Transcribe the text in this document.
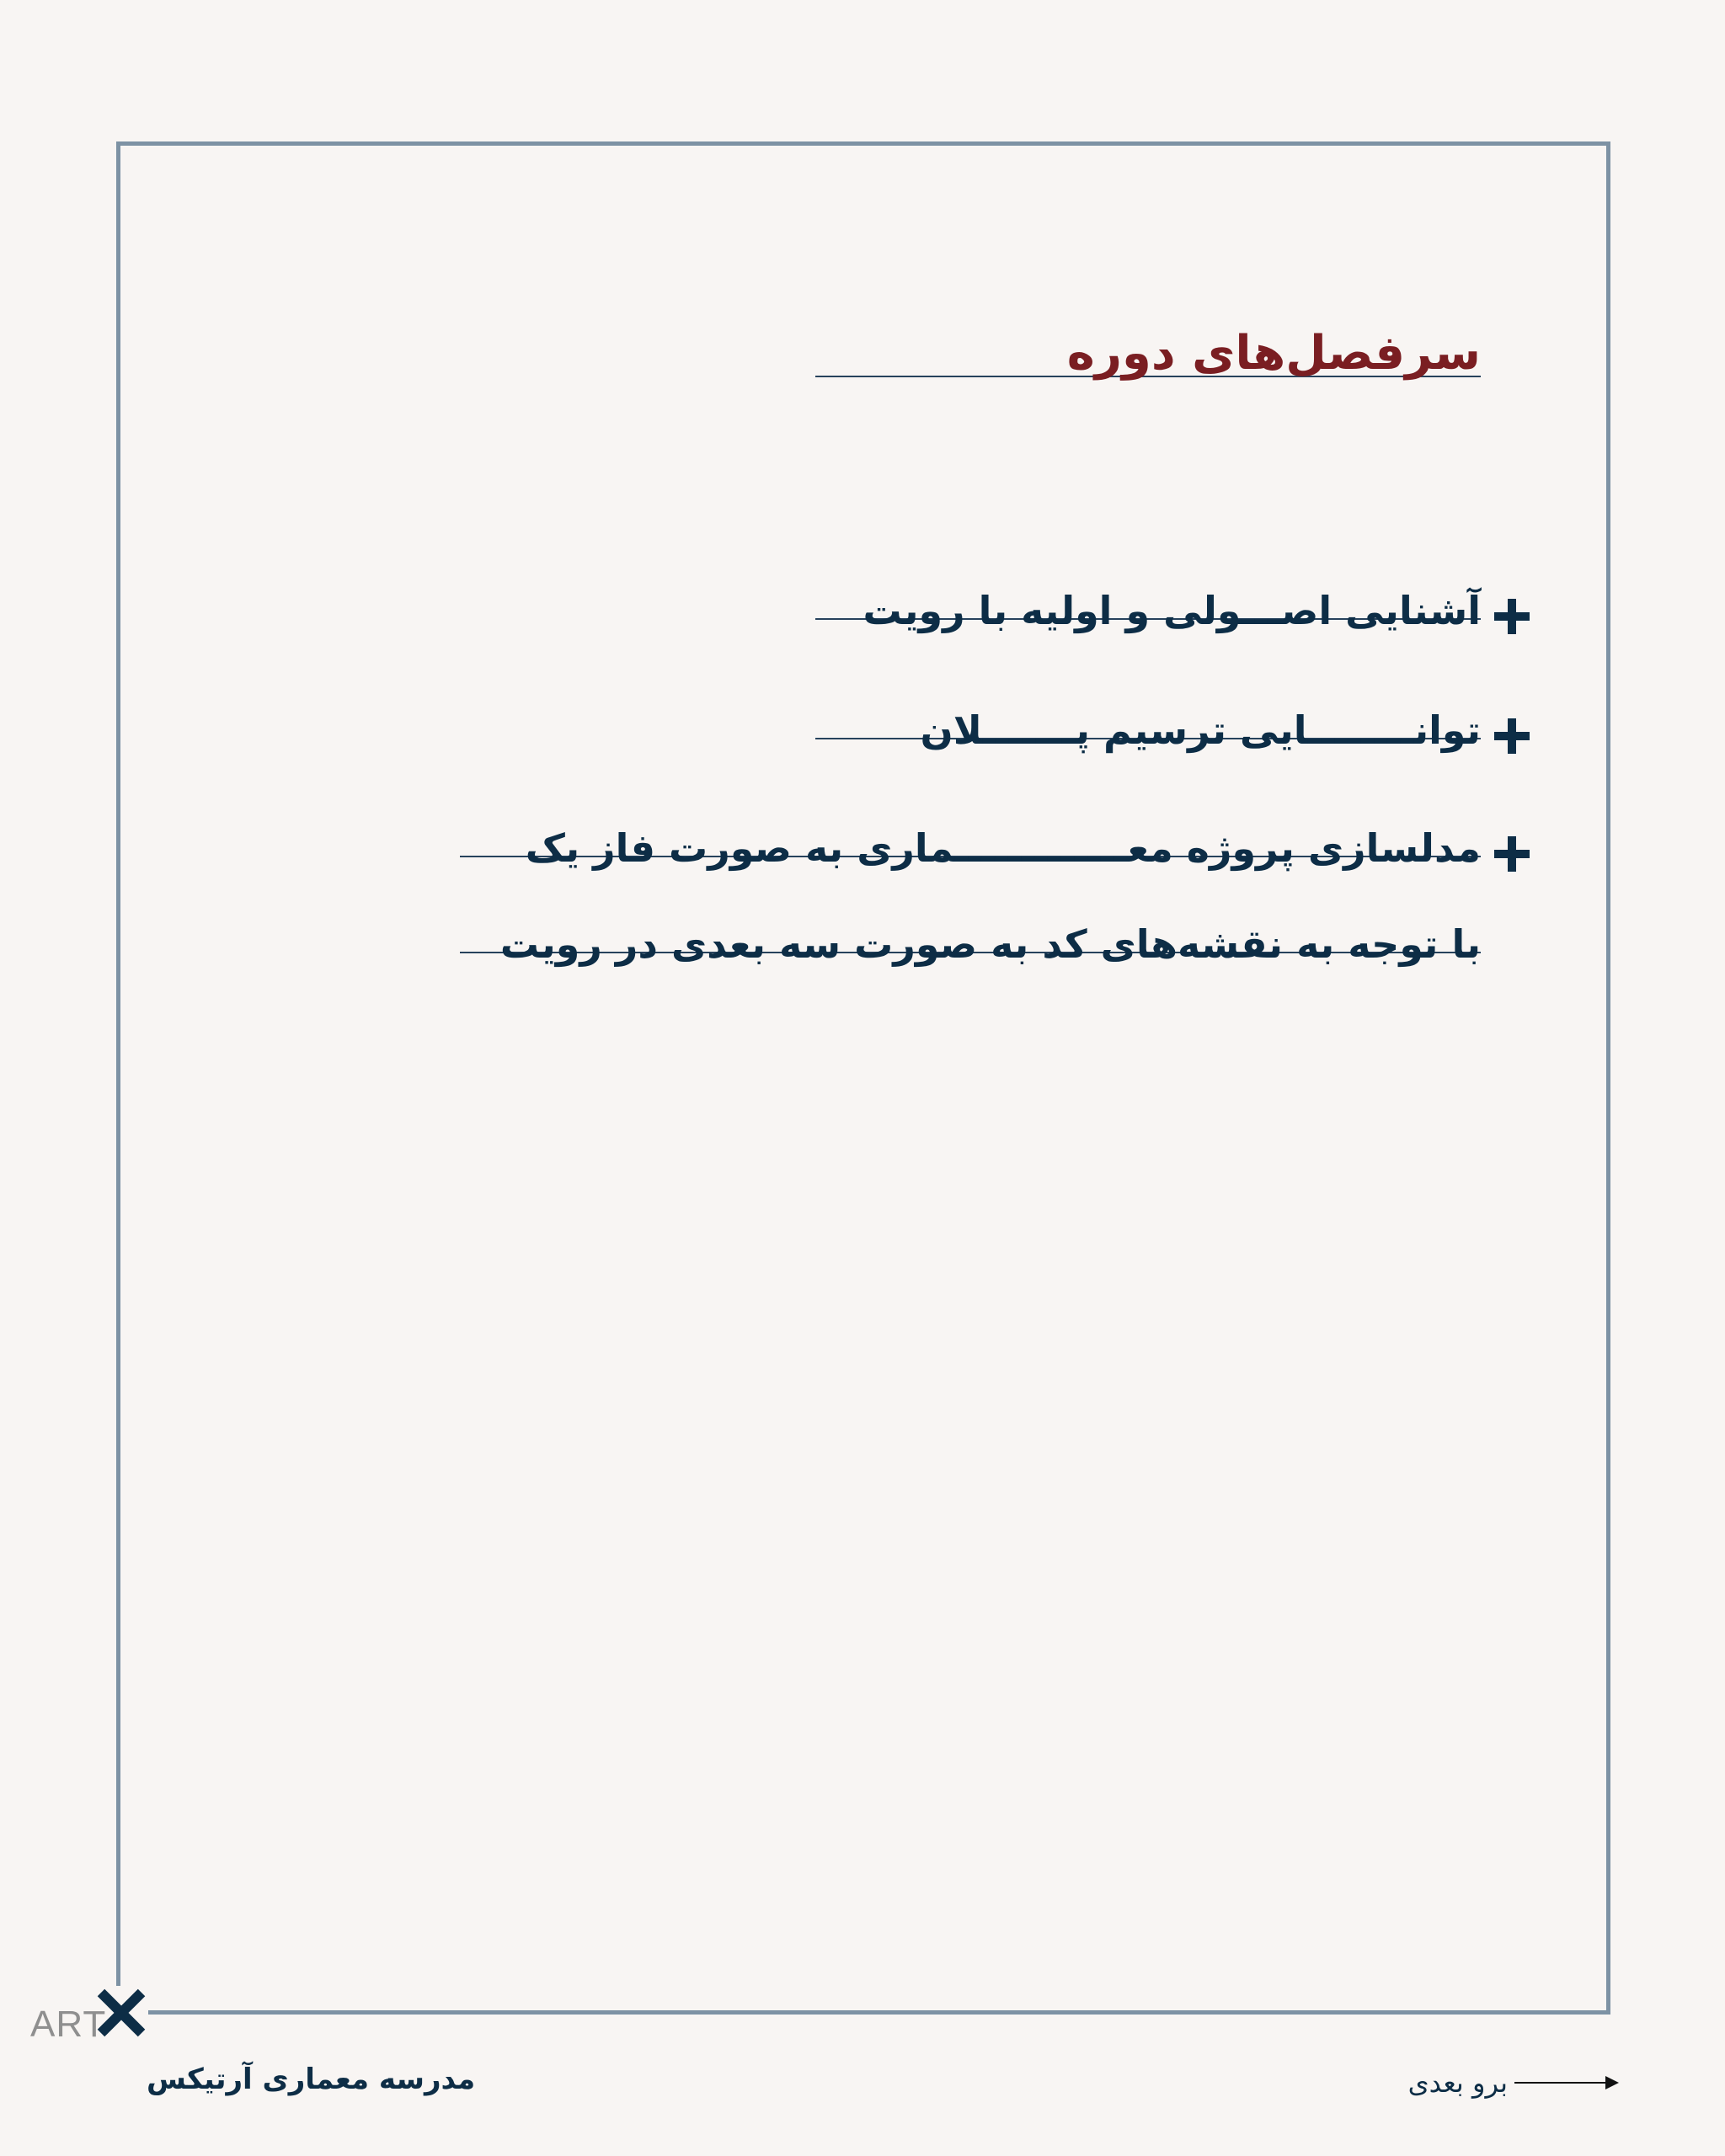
سرفصل‌های دوره
آشنایی اصـــولی و اولیه با رویت
توانــــــــایی ترسیم پـــــــلان
مدلسازی پروژه معـــــــــــــماری به صورت فاز یک
با توجه به نقشه‌های کد به صورت سه بعدی در رویت
ART
مدرسه معماری آرتیکس	برو بعدی
